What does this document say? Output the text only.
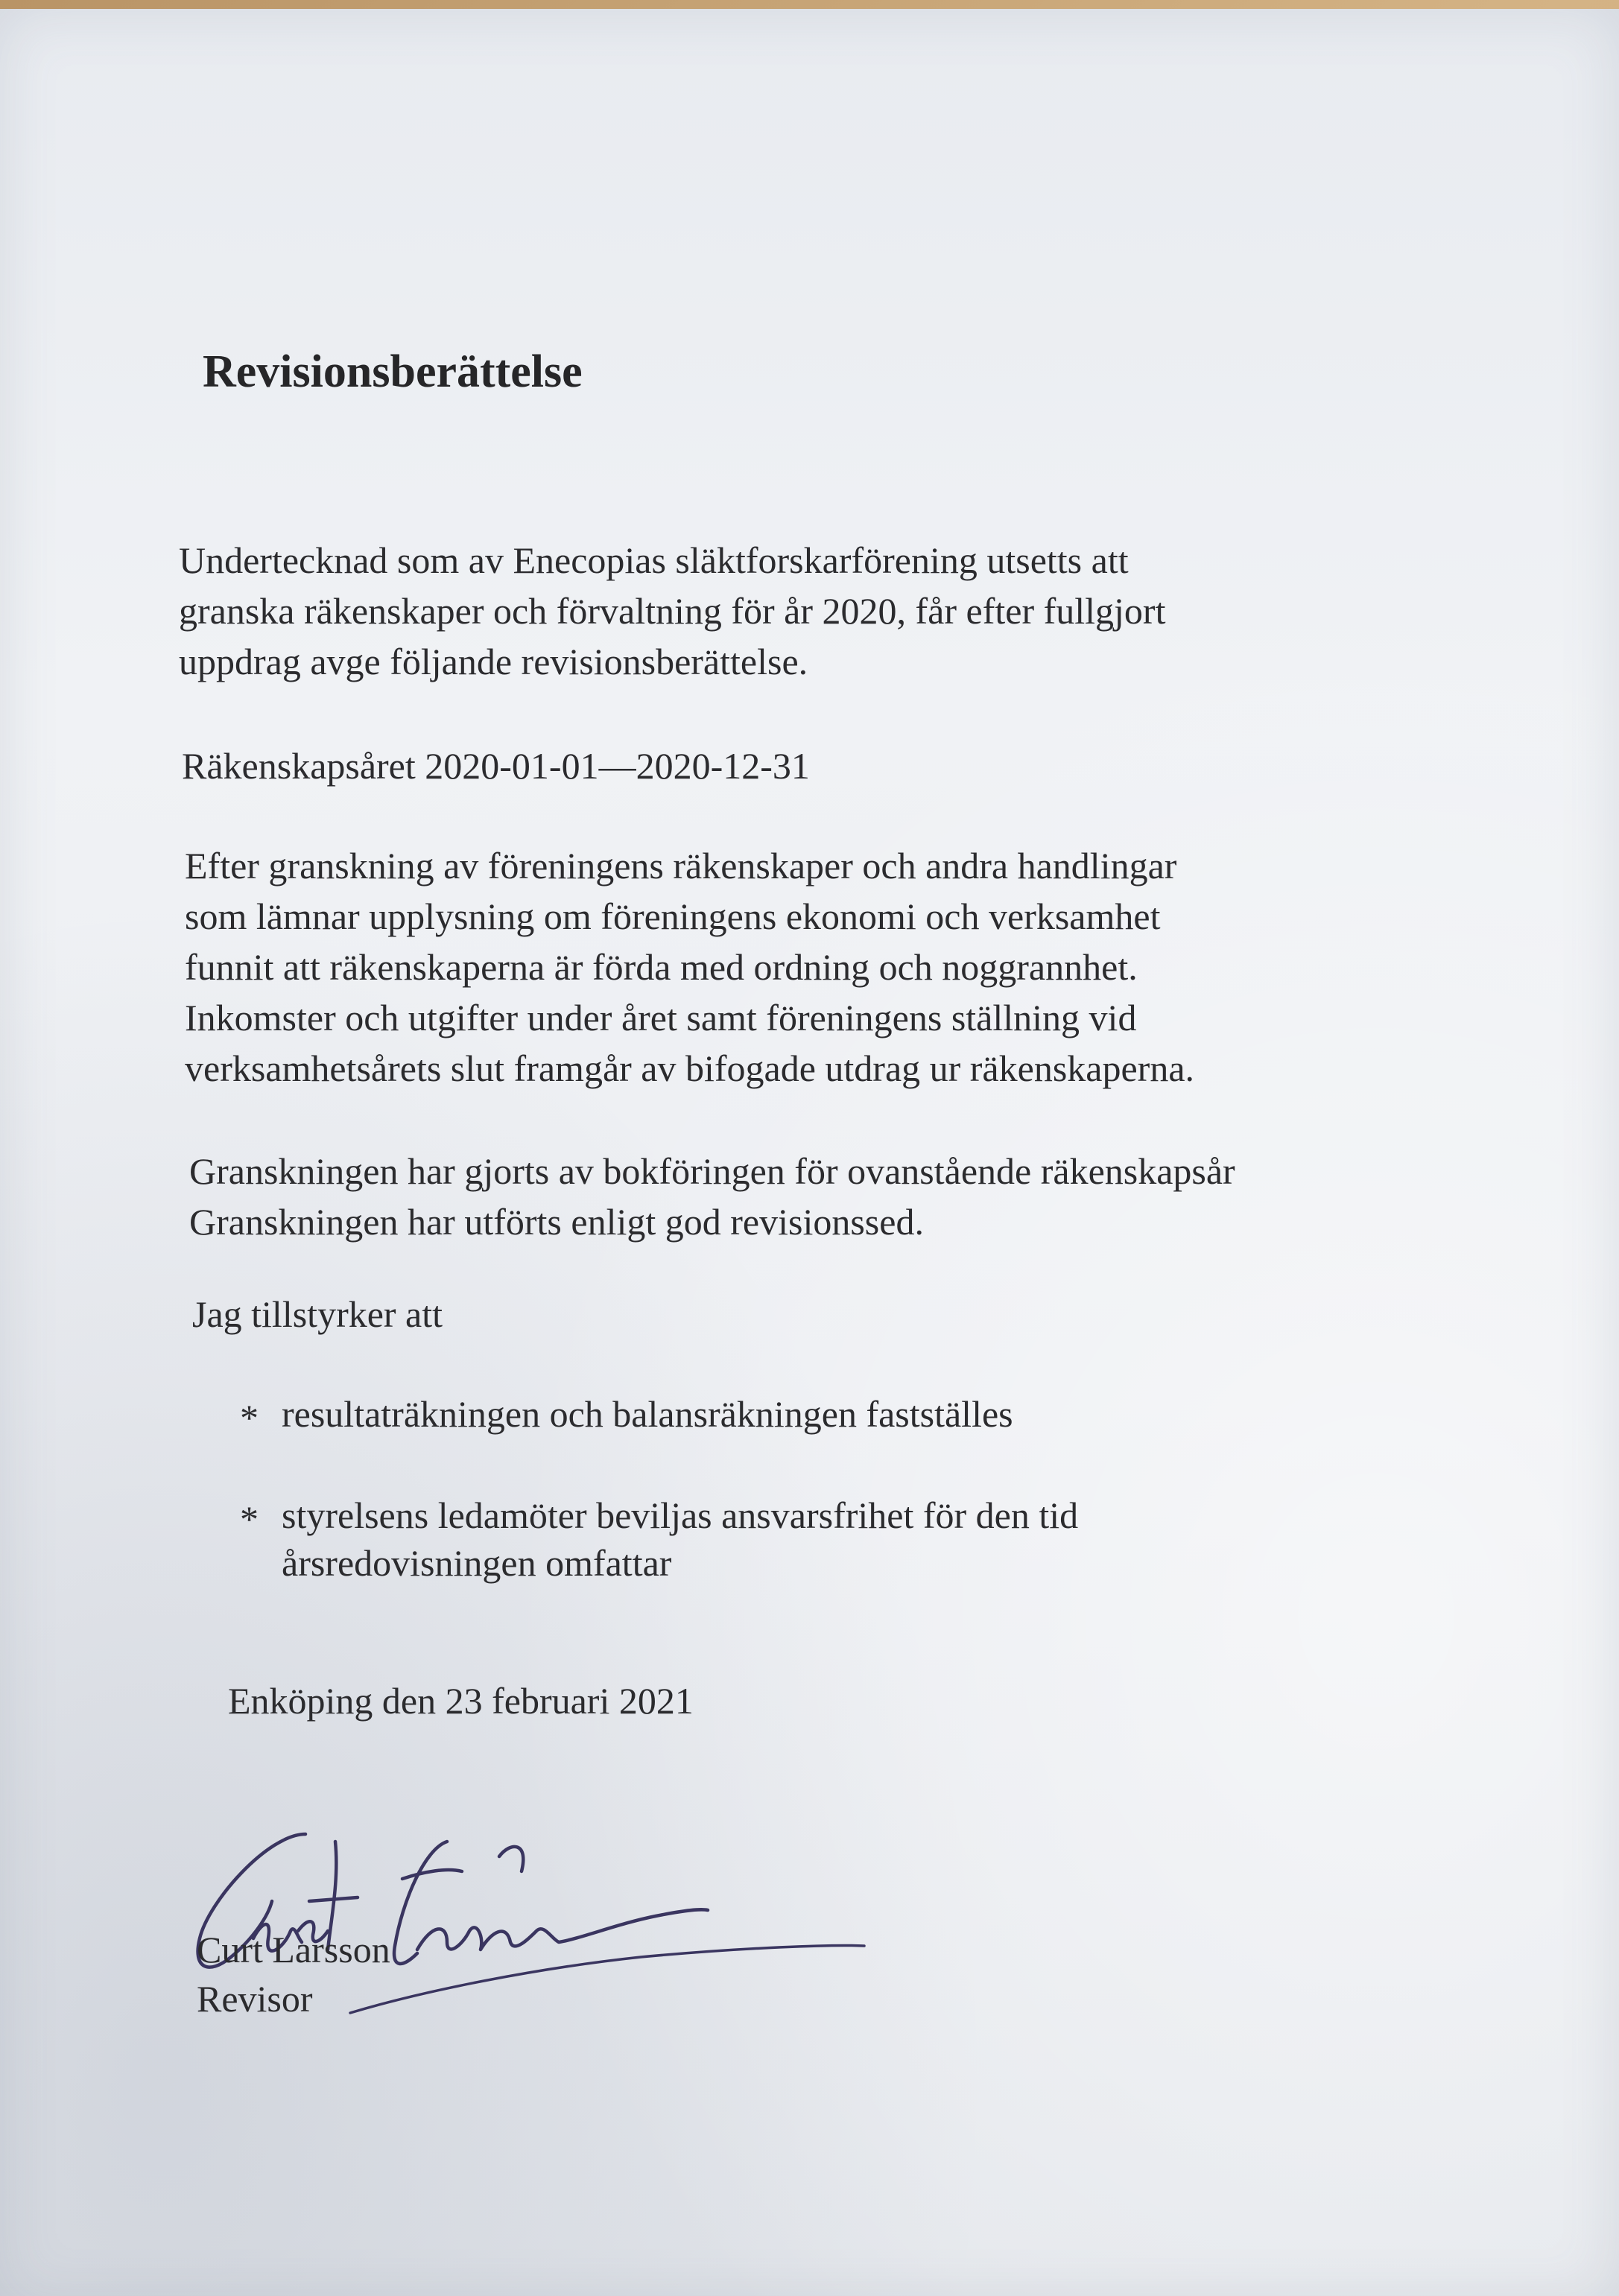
Revisionsberättelse
Undertecknad som av Enecopias släktforskarförening utsetts att
granska räkenskaper och förvaltning för år 2020, får efter fullgjort
uppdrag avge följande revisionsberättelse.
Räkenskapsåret 2020-01-01—2020-12-31
Efter granskning av föreningens räkenskaper och andra handlingar
som lämnar upplysning om föreningens ekonomi och verksamhet
funnit att räkenskaperna är förda med ordning och noggrannhet.
Inkomster och utgifter under året samt föreningens ställning vid
verksamhetsårets slut framgår av bifogade utdrag ur räkenskaperna.
Granskningen har gjorts av bokföringen för ovanstående räkenskapsår
Granskningen har utförts enligt god revisionssed.
Jag tillstyrker att
* resultaträkningen och balansräkningen fastställes
* styrelsens ledamöter beviljas ansvarsfrihet för den tid
årsredovisningen omfattar
Enköping den 23 februari 2021
Curt Larsson
Revisor
